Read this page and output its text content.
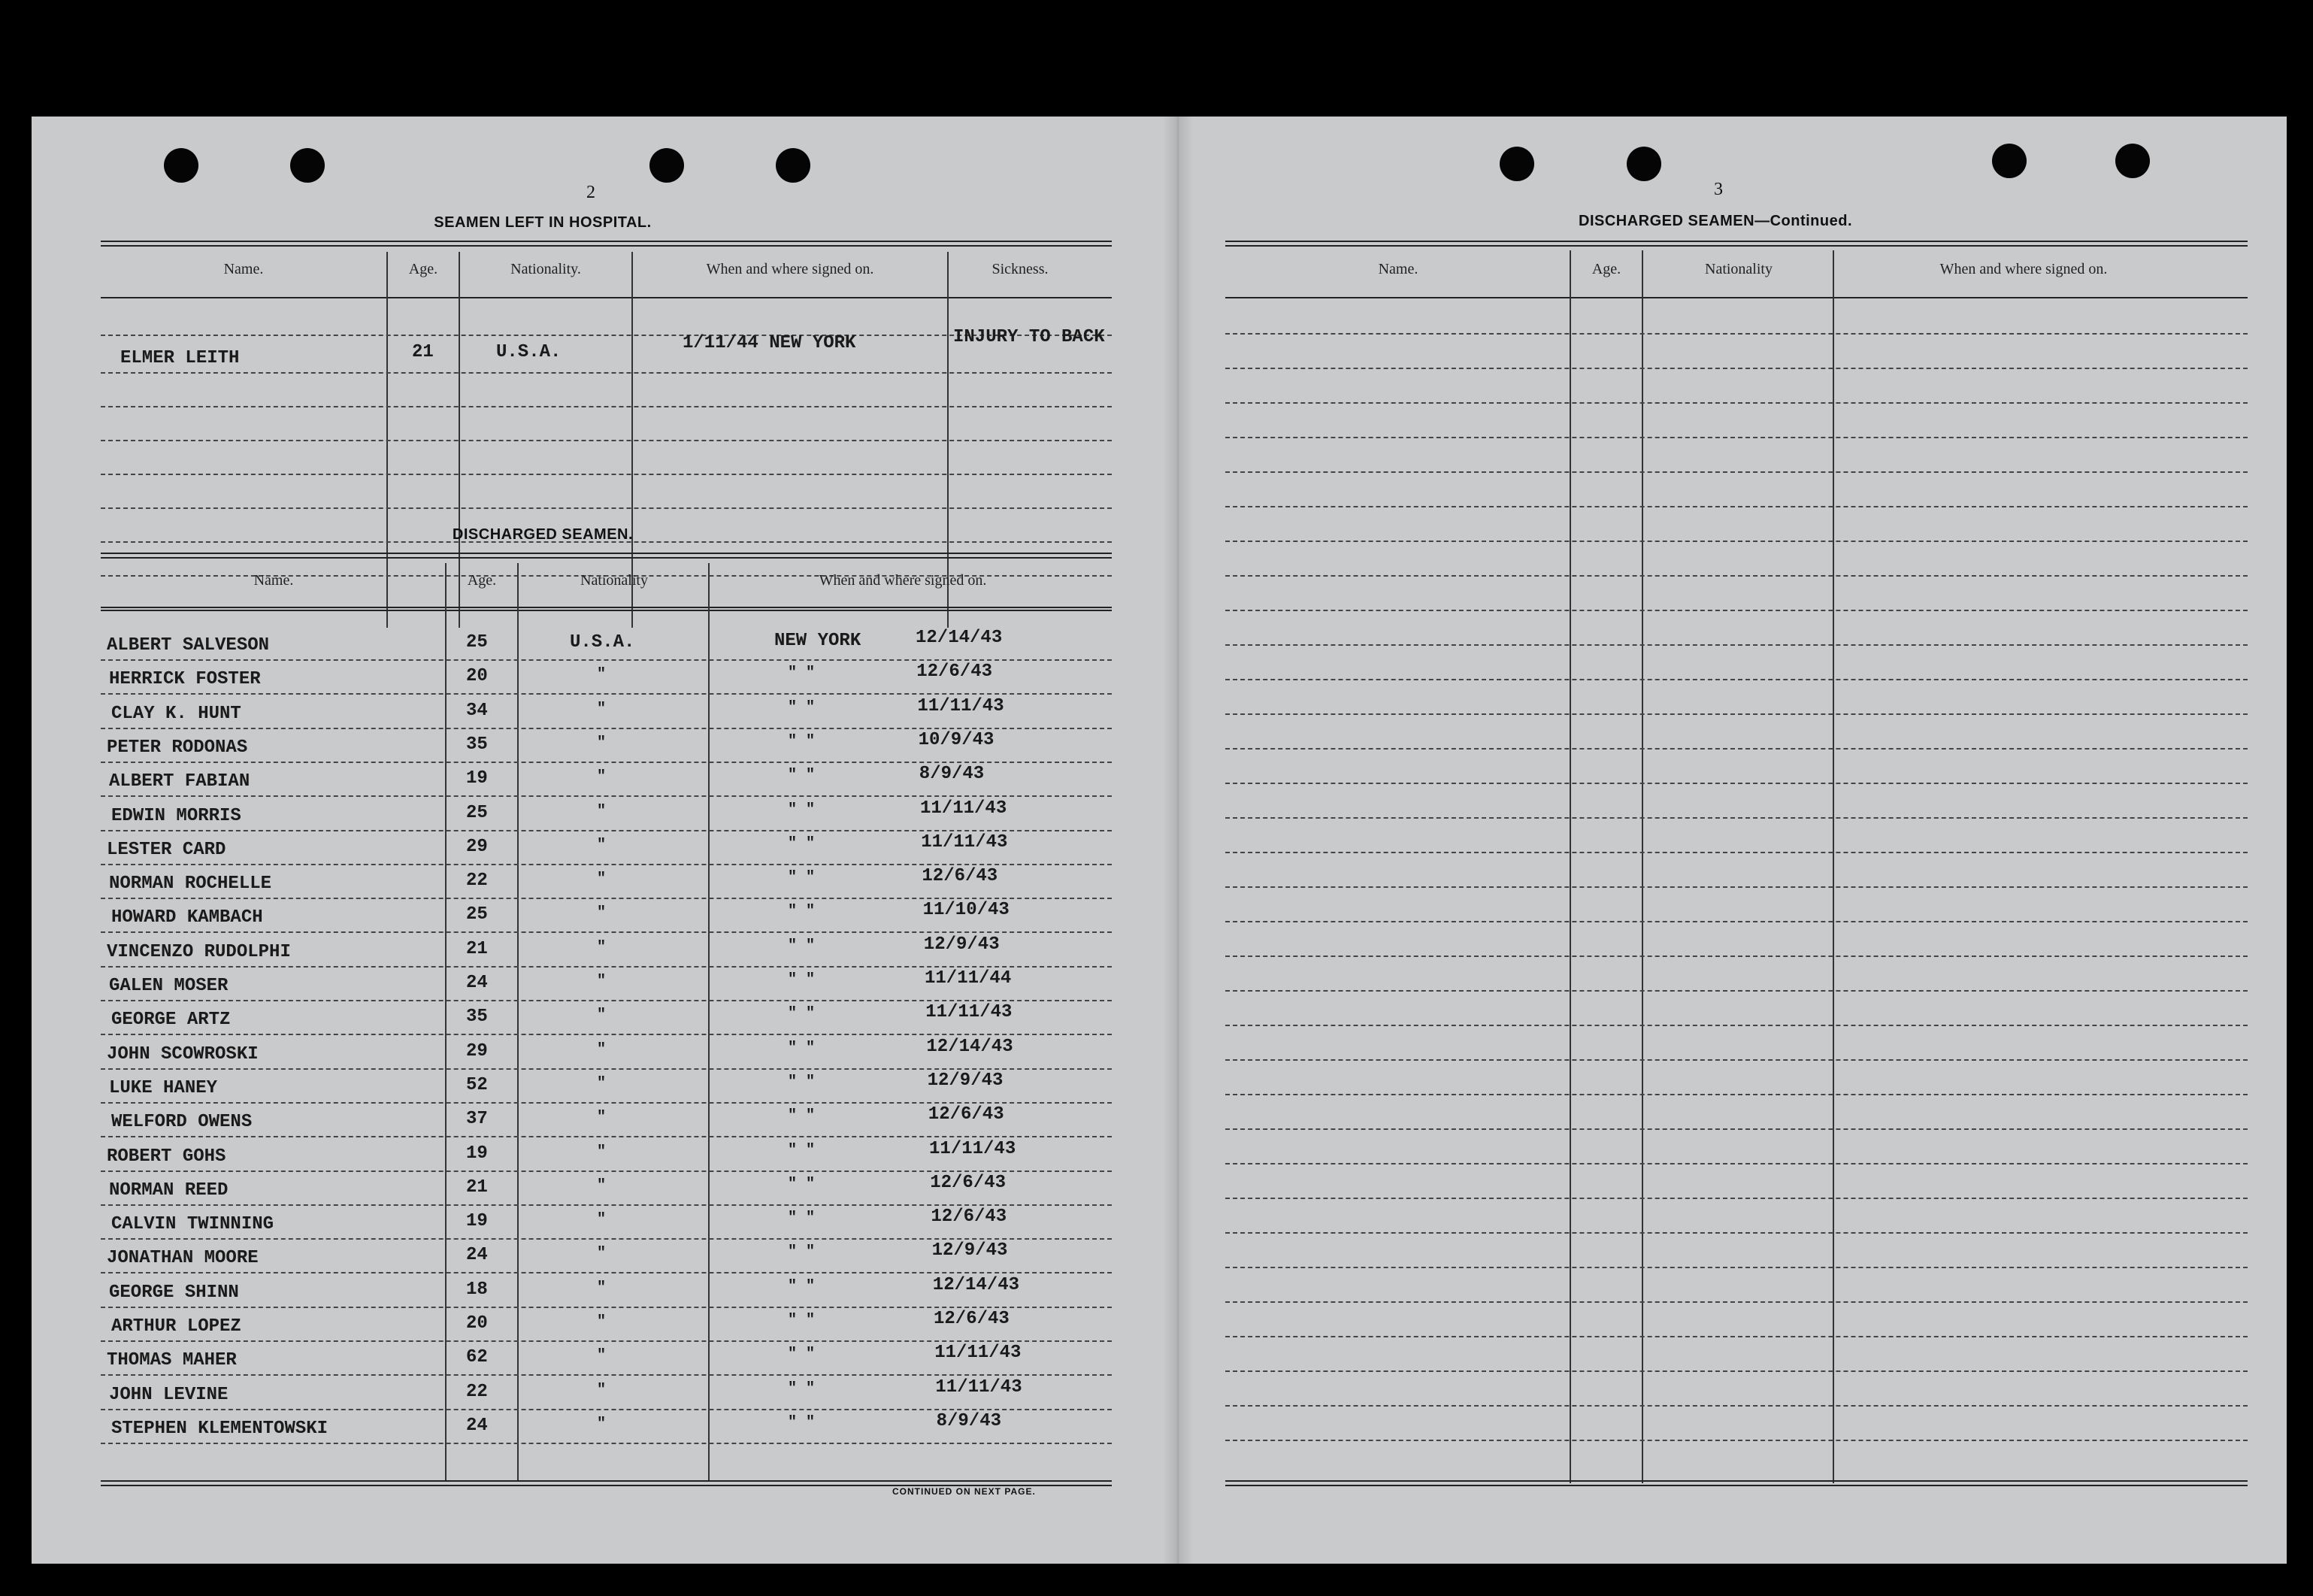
2
SEAMEN LEFT IN HOSPITAL.
Name.	Age.	Nationality.	When and where signed on.	Sickness.
ELMER LEITH	21	U.S.A.	1/11/44 NEW YORK	INJURY TO BACK
DISCHARGED SEAMEN.
Name.	Age.	Nationality	When and where signed on.
ALBERT SALVESON	25	U.S.A.	NEW YORK	12/14/43
HERRICK FOSTER	20	"	" "	12/6/43
CLAY K. HUNT	34	"	" "	11/11/43
PETER RODONAS	35	"	" "	10/9/43
ALBERT FABIAN	19	"	" "	8/9/43
EDWIN MORRIS	25	"	" "	11/11/43
LESTER CARD	29	"	" "	11/11/43
NORMAN ROCHELLE	22	"	" "	12/6/43
HOWARD KAMBACH	25	"	" "	11/10/43
VINCENZO RUDOLPHI	21	"	" "	12/9/43
GALEN MOSER	24	"	" "	11/11/44
GEORGE ARTZ	35	"	" "	11/11/43
JOHN SCOWROSKI	29	"	" "	12/14/43
LUKE HANEY	52	"	" "	12/9/43
WELFORD OWENS	37	"	" "	12/6/43
ROBERT GOHS	19	"	" "	11/11/43
NORMAN REED	21	"	" "	12/6/43
CALVIN TWINNING	19	"	" "	12/6/43
JONATHAN MOORE	24	"	" "	12/9/43
GEORGE SHINN	18	"	" "	12/14/43
ARTHUR LOPEZ	20	"	" "	12/6/43
THOMAS MAHER	62	"	" "	11/11/43
JOHN LEVINE	22	"	" "	11/11/43
STEPHEN KLEMENTOWSKI	24	"	" "	8/9/43
CONTINUED ON NEXT PAGE.
3
DISCHARGED SEAMEN—Continued.
Name.	Age.	Nationality	When and where signed on.
